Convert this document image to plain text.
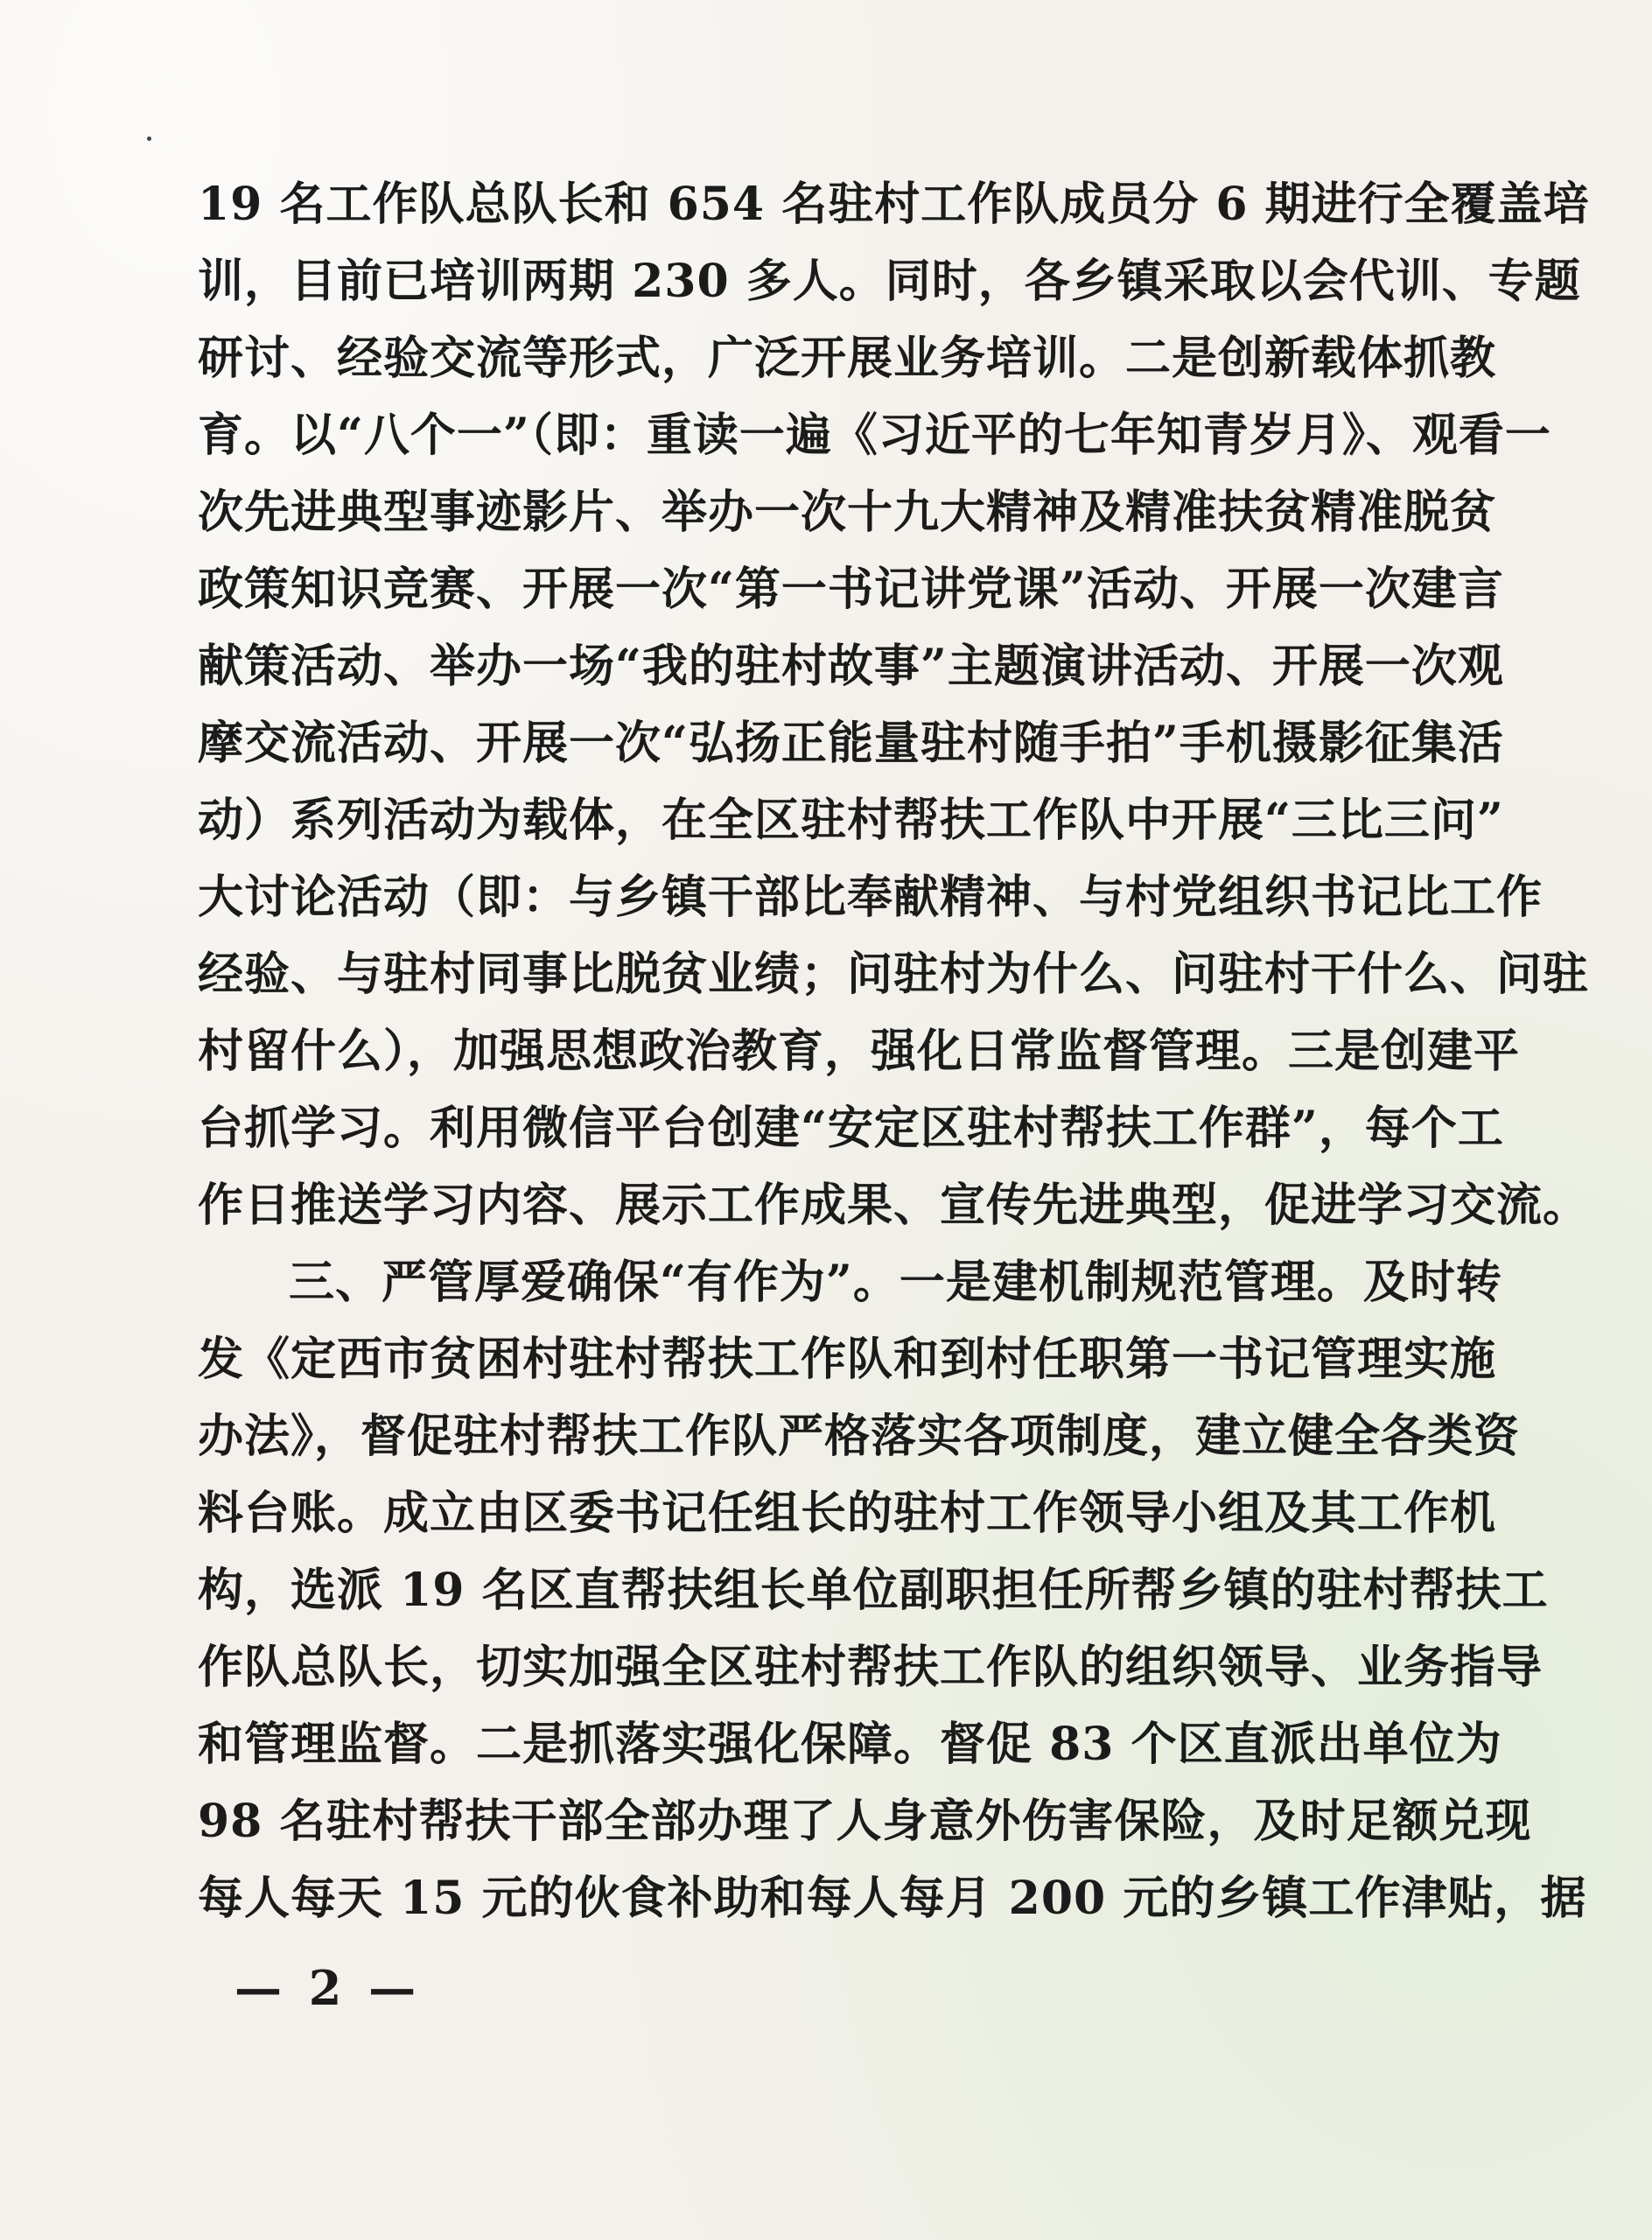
19 名工作队总队长和 654 名驻村工作队成员分 6 期进行全覆盖培
训，目前已培训两期 230 多人。同时，各乡镇采取以会代训、专题
研讨、经验交流等形式，广泛开展业务培训。二是创新载体抓教
育。以“八个一”（即：重读一遍《习近平的七年知青岁月》、观看一
次先进典型事迹影片、举办一次十九大精神及精准扶贫精准脱贫
政策知识竞赛、开展一次“第一书记讲党课”活动、开展一次建言
献策活动、举办一场“我的驻村故事”主题演讲活动、开展一次观
摩交流活动、开展一次“弘扬正能量驻村随手拍”手机摄影征集活
动）系列活动为载体，在全区驻村帮扶工作队中开展“三比三问”
大讨论活动（即：与乡镇干部比奉献精神、与村党组织书记比工作
经验、与驻村同事比脱贫业绩；问驻村为什么、问驻村干什么、问驻
村留什么），加强思想政治教育，强化日常监督管理。三是创建平
台抓学习。利用微信平台创建“安定区驻村帮扶工作群”，每个工
作日推送学习内容、展示工作成果、宣传先进典型，促进学习交流。
三、严管厚爱确保“有作为”。一是建机制规范管理。及时转
发《定西市贫困村驻村帮扶工作队和到村任职第一书记管理实施
办法》，督促驻村帮扶工作队严格落实各项制度，建立健全各类资
料台账。成立由区委书记任组长的驻村工作领导小组及其工作机
构，选派 19 名区直帮扶组长单位副职担任所帮乡镇的驻村帮扶工
作队总队长，切实加强全区驻村帮扶工作队的组织领导、业务指导
和管理监督。二是抓落实强化保障。督促 83 个区直派出单位为
98 名驻村帮扶干部全部办理了人身意外伤害保险，及时足额兑现
每人每天 15 元的伙食补助和每人每月 200 元的乡镇工作津贴，据
— 2 —
